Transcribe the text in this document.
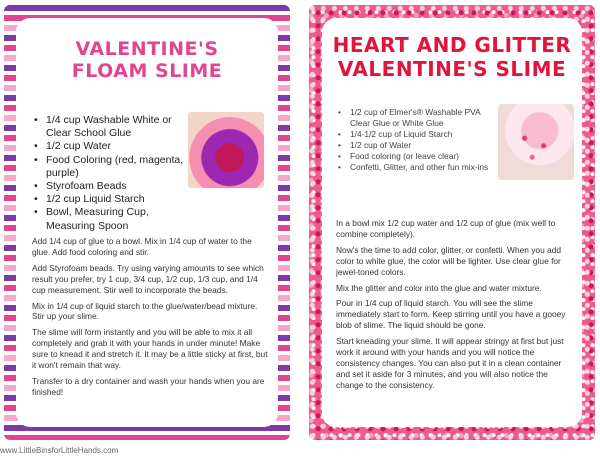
VALENTINE'S
FLOAM SLIME
• 1/4 cup Washable White or Clear School Glue
• 1/2 cup Water
• Food Coloring (red, magenta, purple)
• Styrofoam Beads
• 1/2 cup Liquid Starch
• Bowl, Measuring Cup, Measuring Spoon

Add 1/4 cup of glue to a bowl. Mix in 1/4 cup of water to the glue. Add food coloring and stir.

Add Styrofoam beads. Try using varying amounts to see which result you prefer, try 1 cup, 3/4 cup, 1/2 cup, 1/3 cup, and 1/4 cup measurement. Stir well to incorporate the beads.

Mix in 1/4 cup of liquid starch to the glue/water/bead mixture. Stir up your slime.

The slime will form instantly and you will be able to mix it all completely and grab it with your hands in under minute! Make sure to knead it and stretch it. It may be a little sticky at first, but it won't remain that way.

Transfer to a dry container and wash your hands when you are finished!

HEART AND GLITTER
VALENTINE'S SLIME
• 1/2 cup of Elmer's® Washable PVA Clear Glue or White Glue
• 1/4-1/2 cup of Liquid Starch
• 1/2 cup of Water
• Food coloring (or leave clear)
• Confetti, Glitter, and other fun mix-ins

In a bowl mix 1/2 cup water and 1/2 cup of glue (mix well to combine completely).

Now's the time to add color, glitter, or confetti. When you add color to white glue, the color will be lighter. Use clear glue for jewel-toned colors.

Mix the glitter and color into the glue and water mixture.

Pour in 1/4 cup of liquid starch. You will see the slime immediately start to form. Keep stirring until you have a gooey blob of slime. The liquid should be gone.

Start kneading your slime. It will appear stringy at first but just work it around with your hands and you will notice the consistency changes. You can also put it in a clean container and set it aside for 3 minutes, and you will also notice the change to the consistency.

www.LittleBinsforLittleHands.com
